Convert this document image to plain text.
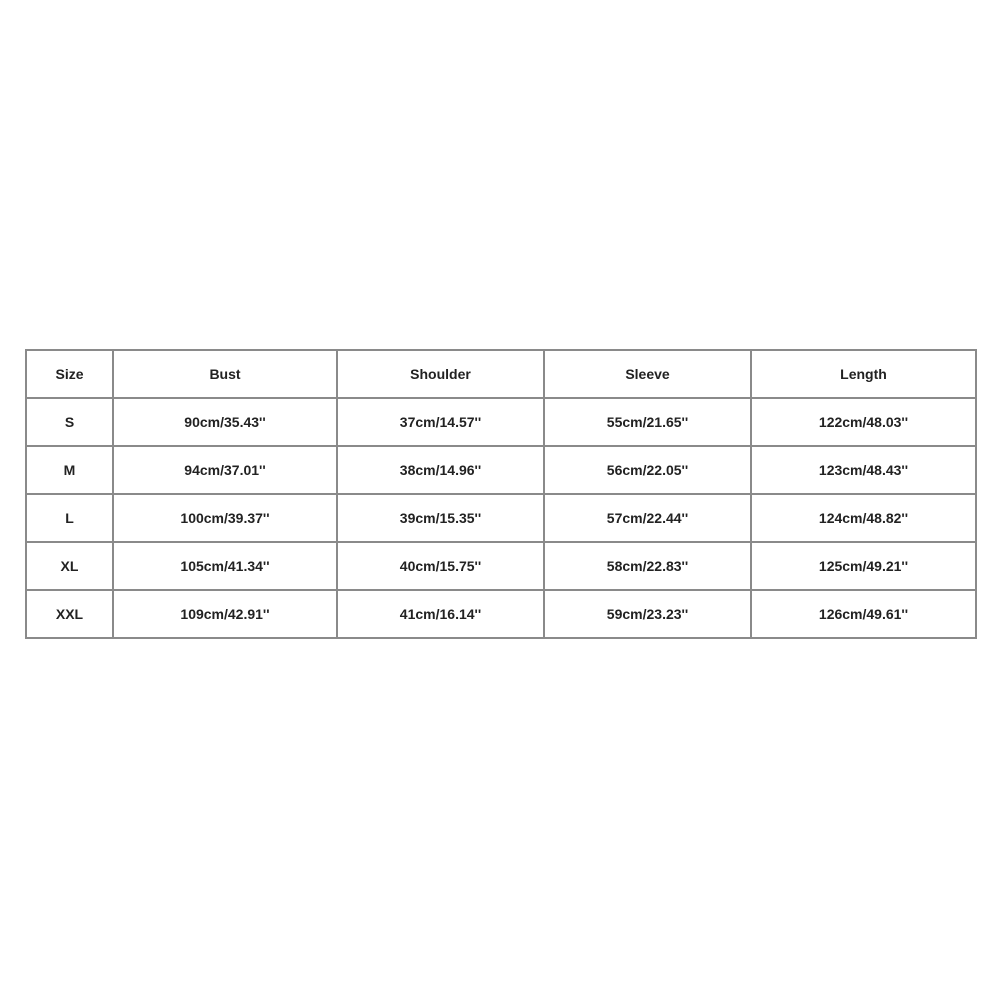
Size	Bust	Shoulder	Sleeve	Length
S	90cm/35.43''	37cm/14.57''	55cm/21.65''	122cm/48.03''
M	94cm/37.01''	38cm/14.96''	56cm/22.05''	123cm/48.43''
L	100cm/39.37''	39cm/15.35''	57cm/22.44''	124cm/48.82''
XL	105cm/41.34''	40cm/15.75''	58cm/22.83''	125cm/49.21''
XXL	109cm/42.91''	41cm/16.14''	59cm/23.23''	126cm/49.61''
